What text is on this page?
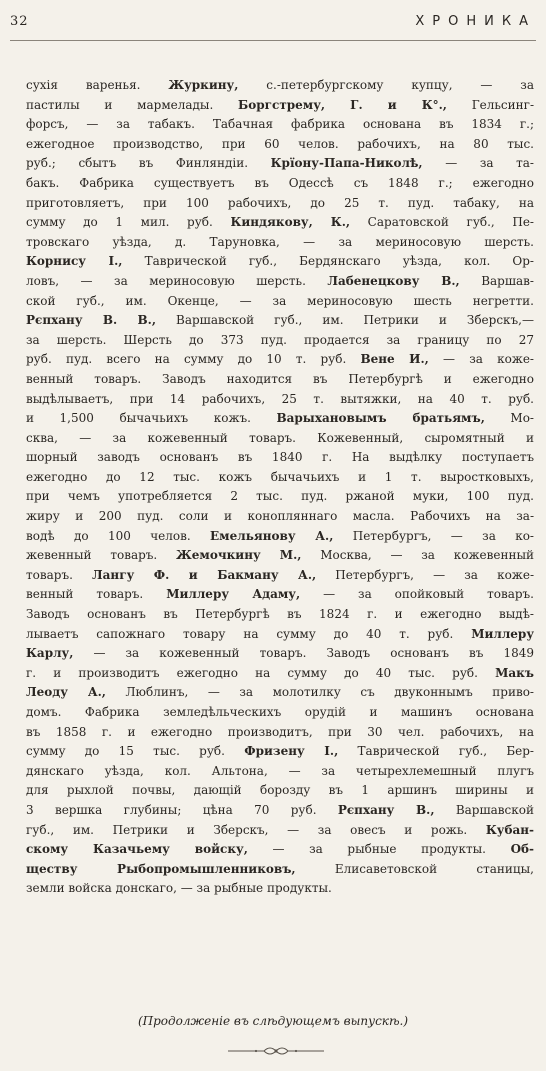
32	ХРОНИКА
сухія варенья. Журкину, с.-петербургскому купцу, — за
пастилы и мармелады. Боргстрему, Г. и К°., Гельсинг-
форсъ, — за табакъ. Табачная фабрика основана въ 1834 г.;
ежегодное производство, при 60 челов. рабочихъ, на 80 тыс.
руб.; сбытъ въ Финляндіи. Крїону-Папа-Николѣ, — за та-
бакъ. Фабрика существуетъ въ Одессѣ съ 1848 г.; ежегодно
приготовляетъ, при 100 рабочихъ, до 25 т. пуд. табаку, на
сумму до 1 мил. руб. Киндякову, К., Саратовской губ., Пе-
тровскаго уѣзда, д. Таруновка, — за мериносовую шерсть.
Корнису І., Таврической губ., Бердянскаго уѣзда, кол. Ор-
ловъ, — за мериносовую шерсть. Лабенецкову В., Варшав-
ской губ., им. Окенце, — за мериносовую шесть негретти.
Рєпхану В. В., Варшавской губ., им. Петрики и Зберскъ,—
за шерсть. Шерсть до 373 пуд. продается за границу по 27
руб. пуд. всего на сумму до 10 т. руб. Вене И., — за коже-
венный товаръ. Заводъ находится въ Петербургѣ и ежегодно
выдѣлываетъ, при 14 рабочихъ, 25 т. вытяжки, на 40 т. руб.
и 1,500 бычачьихъ кожъ. Варыхановымъ братьямъ, Мо-
сква, — за кожевенный товаръ. Кожевенный, сыромятный и
шорный заводъ основанъ въ 1840 г. На выдѣлку поступаетъ
ежегодно до 12 тыс. кожъ бычачьихъ и 1 т. выростковыхъ,
при чемъ употребляется 2 тыс. пуд. ржаной муки, 100 пуд.
жиру и 200 пуд. соли и конопляннаго масла. Рабочихъ на за-
водѣ до 100 челов. Емельянову А., Петербургъ, — за ко-
жевенный товаръ. Жемочкину М., Москва, — за кожевенный
товаръ. Лангу Ф. и Бакману А., Петербургъ, — за коже-
венный товаръ. Миллеру Адаму, — за опойковый товаръ.
Заводъ основанъ въ Петербургѣ въ 1824 г. и ежегодно выдѣ-
лываетъ сапожнаго товару на сумму до 40 т. руб. Миллеру
Карлу, — за кожевенный товаръ. Заводъ основанъ въ 1849
г. и производитъ ежегодно на сумму до 40 тыс. руб. Макъ
Леоду А., Люблинъ, — за молотилку съ двуконнымъ приво-
домъ. Фабрика земледѣльческихъ орудій и машинъ основана
въ 1858 г. и ежегодно производитъ, при 30 чел. рабочихъ, на
сумму до 15 тыс. руб. Фризену І., Таврической губ., Бер-
дянскаго уѣзда, кол. Альтона, — за четырехлемешный плугъ
для рыхлой почвы, дающій борозду въ 1 аршинъ ширины и
3 вершка глубины; цѣна 70 руб. Рєпхану В., Варшавской
губ., им. Петрики и Зберскъ, — за овесъ и рожь. Кубан-
скому Казачьему войску, — за рыбные продукты. Об-
ществу Рыбопромышленниковъ, Елисаветовской станицы,
земли войска донскаго, — за рыбные продукты.
(Продолженіе въ слѣдующемъ выпускѣ.)
